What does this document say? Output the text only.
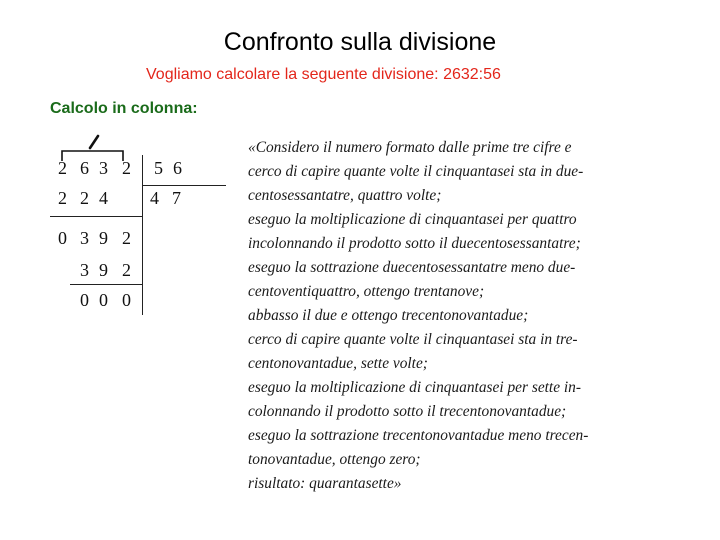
Confronto sulla divisione
Vogliamo calcolare la seguente divisione: 2632:56
Calcolo in colonna:
2 6 3 2 5 6
2 2 4 4 7
0 3 9 2
3 9 2
0 0 0
«Considero il numero formato dalle prime tre cifre e
cerco di capire quante volte il cinquantasei sta in due-
centosessantatre, quattro volte;
eseguo la moltiplicazione di cinquantasei per quattro
incolonnando il prodotto sotto il duecentosessantatre;
eseguo la sottrazione duecentosessantatre meno due-
centoventiquattro, ottengo trentanove;
abbasso il due e ottengo trecentonovantadue;
cerco di capire quante volte il cinquantasei sta in tre-
centonovantadue, sette volte;
eseguo la moltiplicazione di cinquantasei per sette in-
colonnando il prodotto sotto il trecentonovantadue;
eseguo la sottrazione trecentonovantadue meno trecen-
tonovantadue, ottengo zero;
risultato: quarantasette»
